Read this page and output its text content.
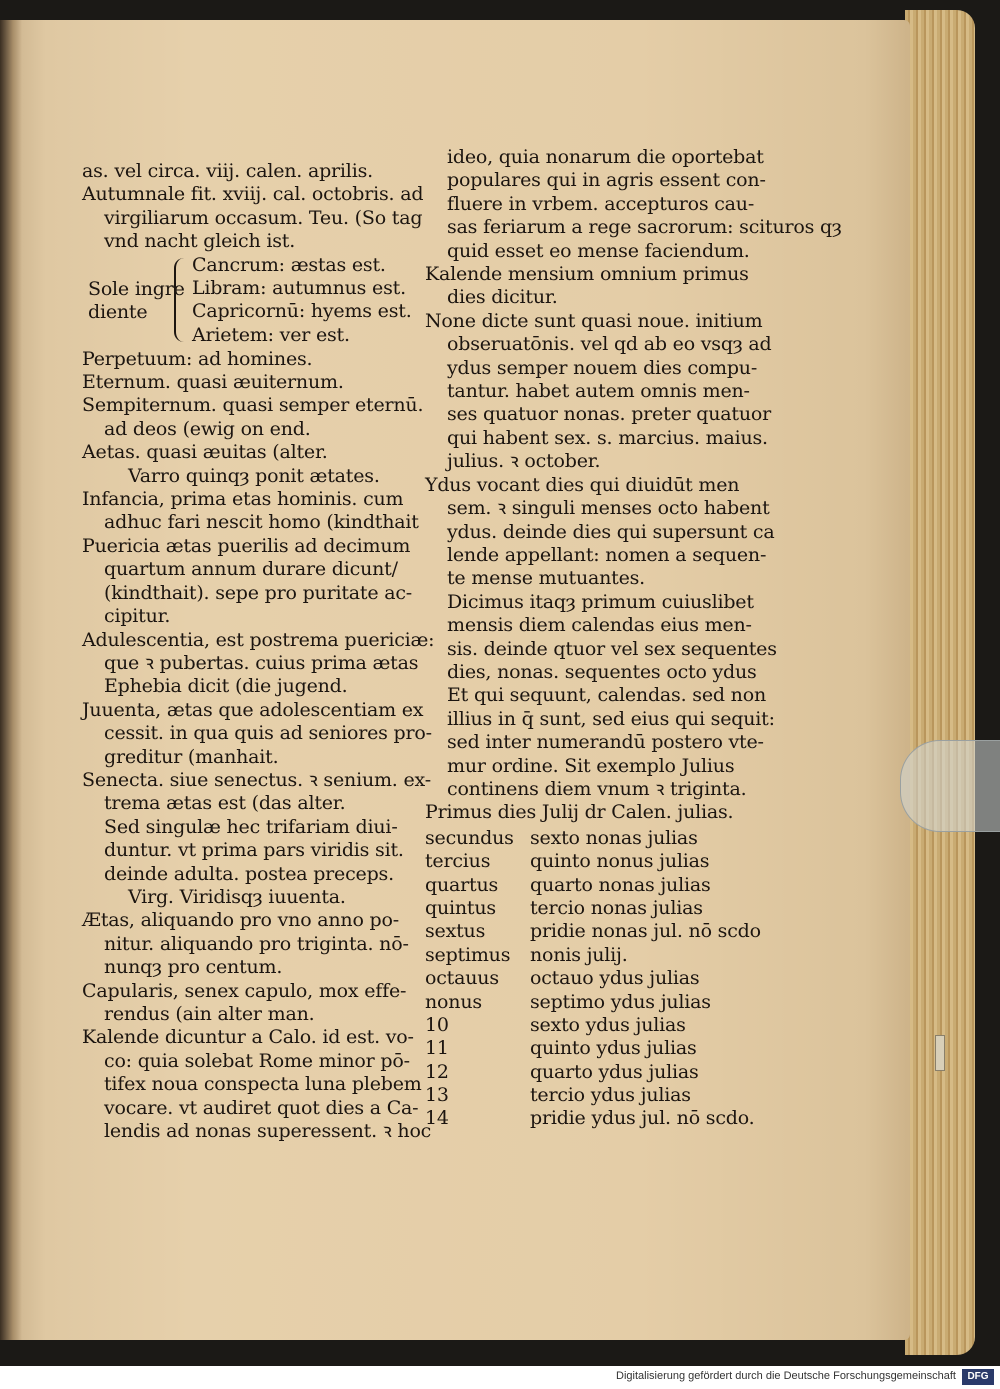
as. vel circa. viij. calen. aprilis.
Autumnale fit. xviij. cal. octobris. ad
virgiliarum occasum. Teu. (So tag
vnd nacht gleich ist.
Sole ingre diente
Cancrum: æstas est.
Libram: autumnus est.
Capricornū: hyems est.
Arietem: ver est.
Perpetuum: ad homines.
Eternum. quasi æuiternum.
Sempiternum. quasi semper eternū.
ad deos (ewig on end.
Aetas. quasi æuitas (alter.
Varro quinqȝ ponit ætates.
Infancia, prima etas hominis. cum
adhuc fari nescit homo (kindthait
Puericia ætas puerilis ad decimum
quartum annum durare dicunt/
(kindthait). sepe pro puritate ac-
cipitur.
Adulescentia, est postrema puericiæ:
que ꝛ pubertas. cuius prima ætas
Ephebia dicit (die jugend.
Juuenta, ætas que adolescentiam ex
cessit. in qua quis ad seniores pro-
greditur (manhait.
Senecta. siue senectus. ꝛ senium. ex-
trema ætas est (das alter.
Sed singulæ hec trifariam diui-
duntur. vt prima pars viridis sit.
deinde adulta. postea preceps.
Virg. Viridisqȝ iuuenta.
Ætas, aliquando pro vno anno po-
nitur. aliquando pro triginta. nō-
nunqȝ pro centum.
Capularis, senex capulo, mox effe-
rendus (ain alter man.
Kalende dicuntur a Calo. id est. vo-
co: quia solebat Rome minor pō-
tifex noua conspecta luna plebem
vocare. vt audiret quot dies a Ca-
lendis ad nonas superessent. ꝛ hoc
ideo, quia nonarum die oportebat
populares qui in agris essent con-
fluere in vrbem. accepturos cau-
sas feriarum a rege sacrorum: scituros qȝ
quid esset eo mense faciendum.
Kalende mensium omnium primus
dies dicitur.
None dicte sunt quasi noue. initium
obseruatōnis. vel qd ab eo vsqȝ ad
ydus semper nouem dies compu-
tantur. habet autem omnis men-
ses quatuor nonas. preter quatuor
qui habent sex. s. marcius. maius.
julius. ꝛ october.
Ydus vocant dies qui diuidūt men
sem. ꝛ singuli menses octo habent
ydus. deinde dies qui supersunt ca
lende appellant: nomen a sequen-
te mense mutuantes.
Dicimus itaqȝ primum cuiuslibet
mensis diem calendas eius men-
sis. deinde qtuor vel sex sequentes
dies, nonas. sequentes octo ydus
Et qui sequunt, calendas. sed non
illius in q̄ sunt, sed eius qui sequit:
sed inter numerandū postero vte-
mur ordine. Sit exemplo Julius
continens diem vnum ꝛ triginta.
Primus dies Julij dr Calen. julias.
secundus sexto nonas julias
tercius	quinto nonus julias
quartus	quarto nonas julias
quintus	tercio nonas julias
sextus	pridie nonas jul. nō scdo
septimus	nonis julij.
octauus	octauo ydus julias
nonus	septimo ydus julias
10	sexto ydus julias
11	quinto ydus julias
12	quarto ydus julias
13	tercio ydus julias
14	pridie ydus jul. nō scdo.
Digitalisierung gefördert durch die Deutsche Forschungsgemeinschaft	DFG
